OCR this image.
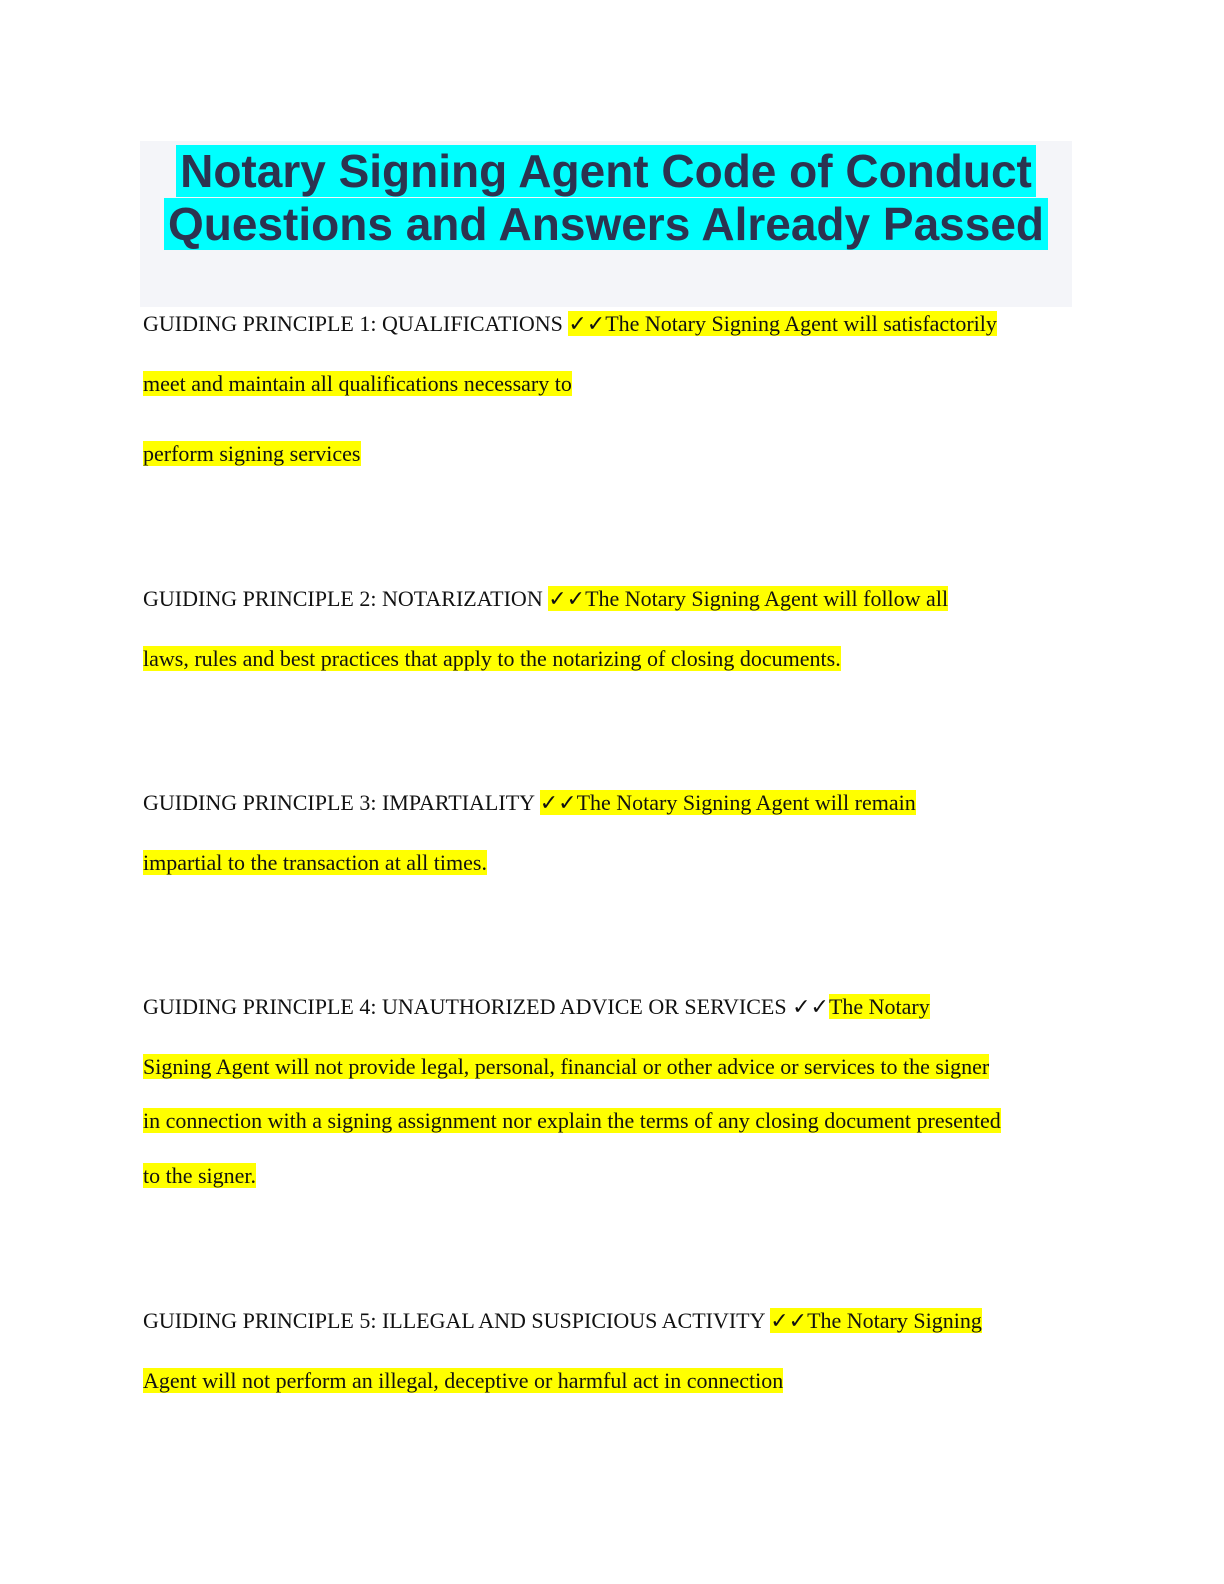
Notary Signing Agent Code of Conduct
Questions and Answers Already Passed
GUIDING PRINCIPLE 1: QUALIFICATIONS ✓✓The Notary Signing Agent will satisfactorily
meet and maintain all qualifications necessary to
perform signing services
GUIDING PRINCIPLE 2: NOTARIZATION ✓✓The Notary Signing Agent will follow all
laws, rules and best practices that apply to the notarizing of closing documents.
GUIDING PRINCIPLE 3: IMPARTIALITY ✓✓The Notary Signing Agent will remain
impartial to the transaction at all times.
GUIDING PRINCIPLE 4: UNAUTHORIZED ADVICE OR SERVICES ✓✓The Notary
Signing Agent will not provide legal, personal, financial or other advice or services to the signer
in connection with a signing assignment nor explain the terms of any closing document presented
to the signer.
GUIDING PRINCIPLE 5: ILLEGAL AND SUSPICIOUS ACTIVITY ✓✓The Notary Signing
Agent will not perform an illegal, deceptive or harmful act in connection
